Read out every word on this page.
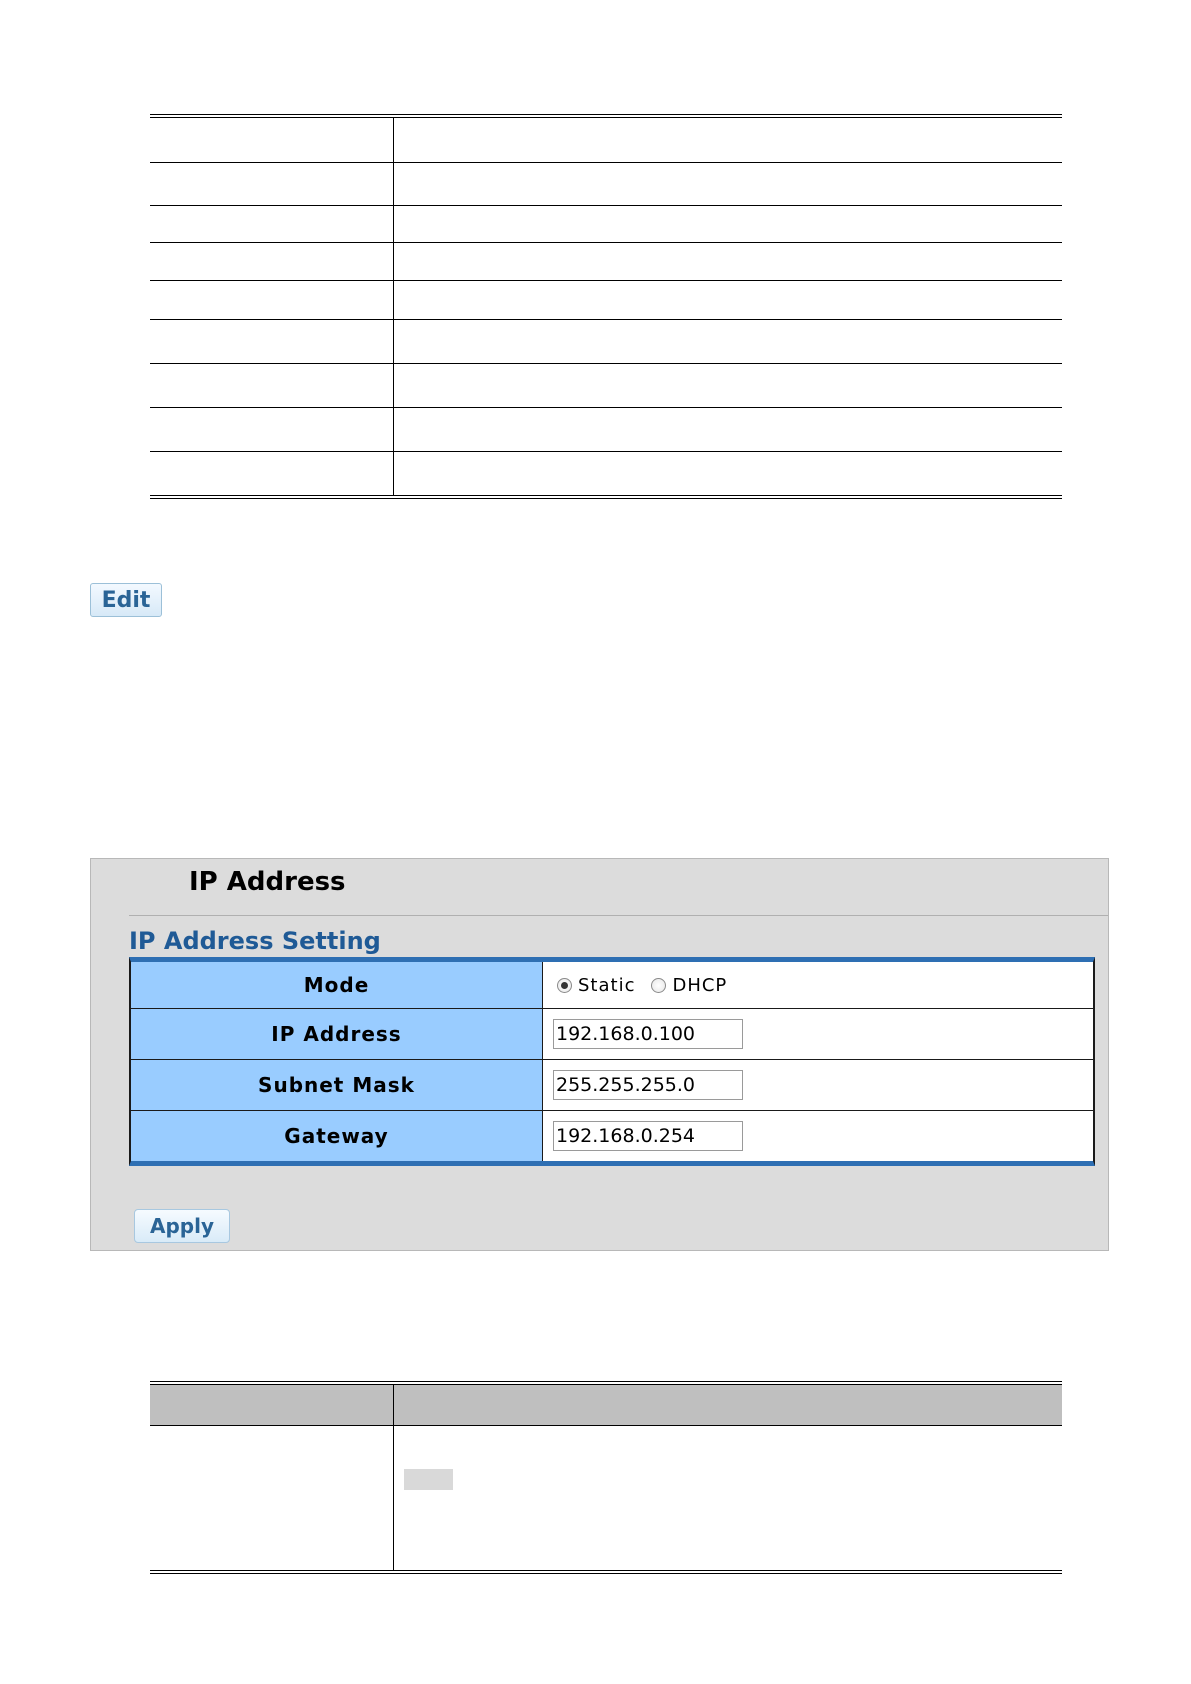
Edit
IP Address
IP Address Setting
Mode	Static DHCP
IP Address	192.168.0.100
Subnet Mask	255.255.255.0
Gateway	192.168.0.254
Apply
